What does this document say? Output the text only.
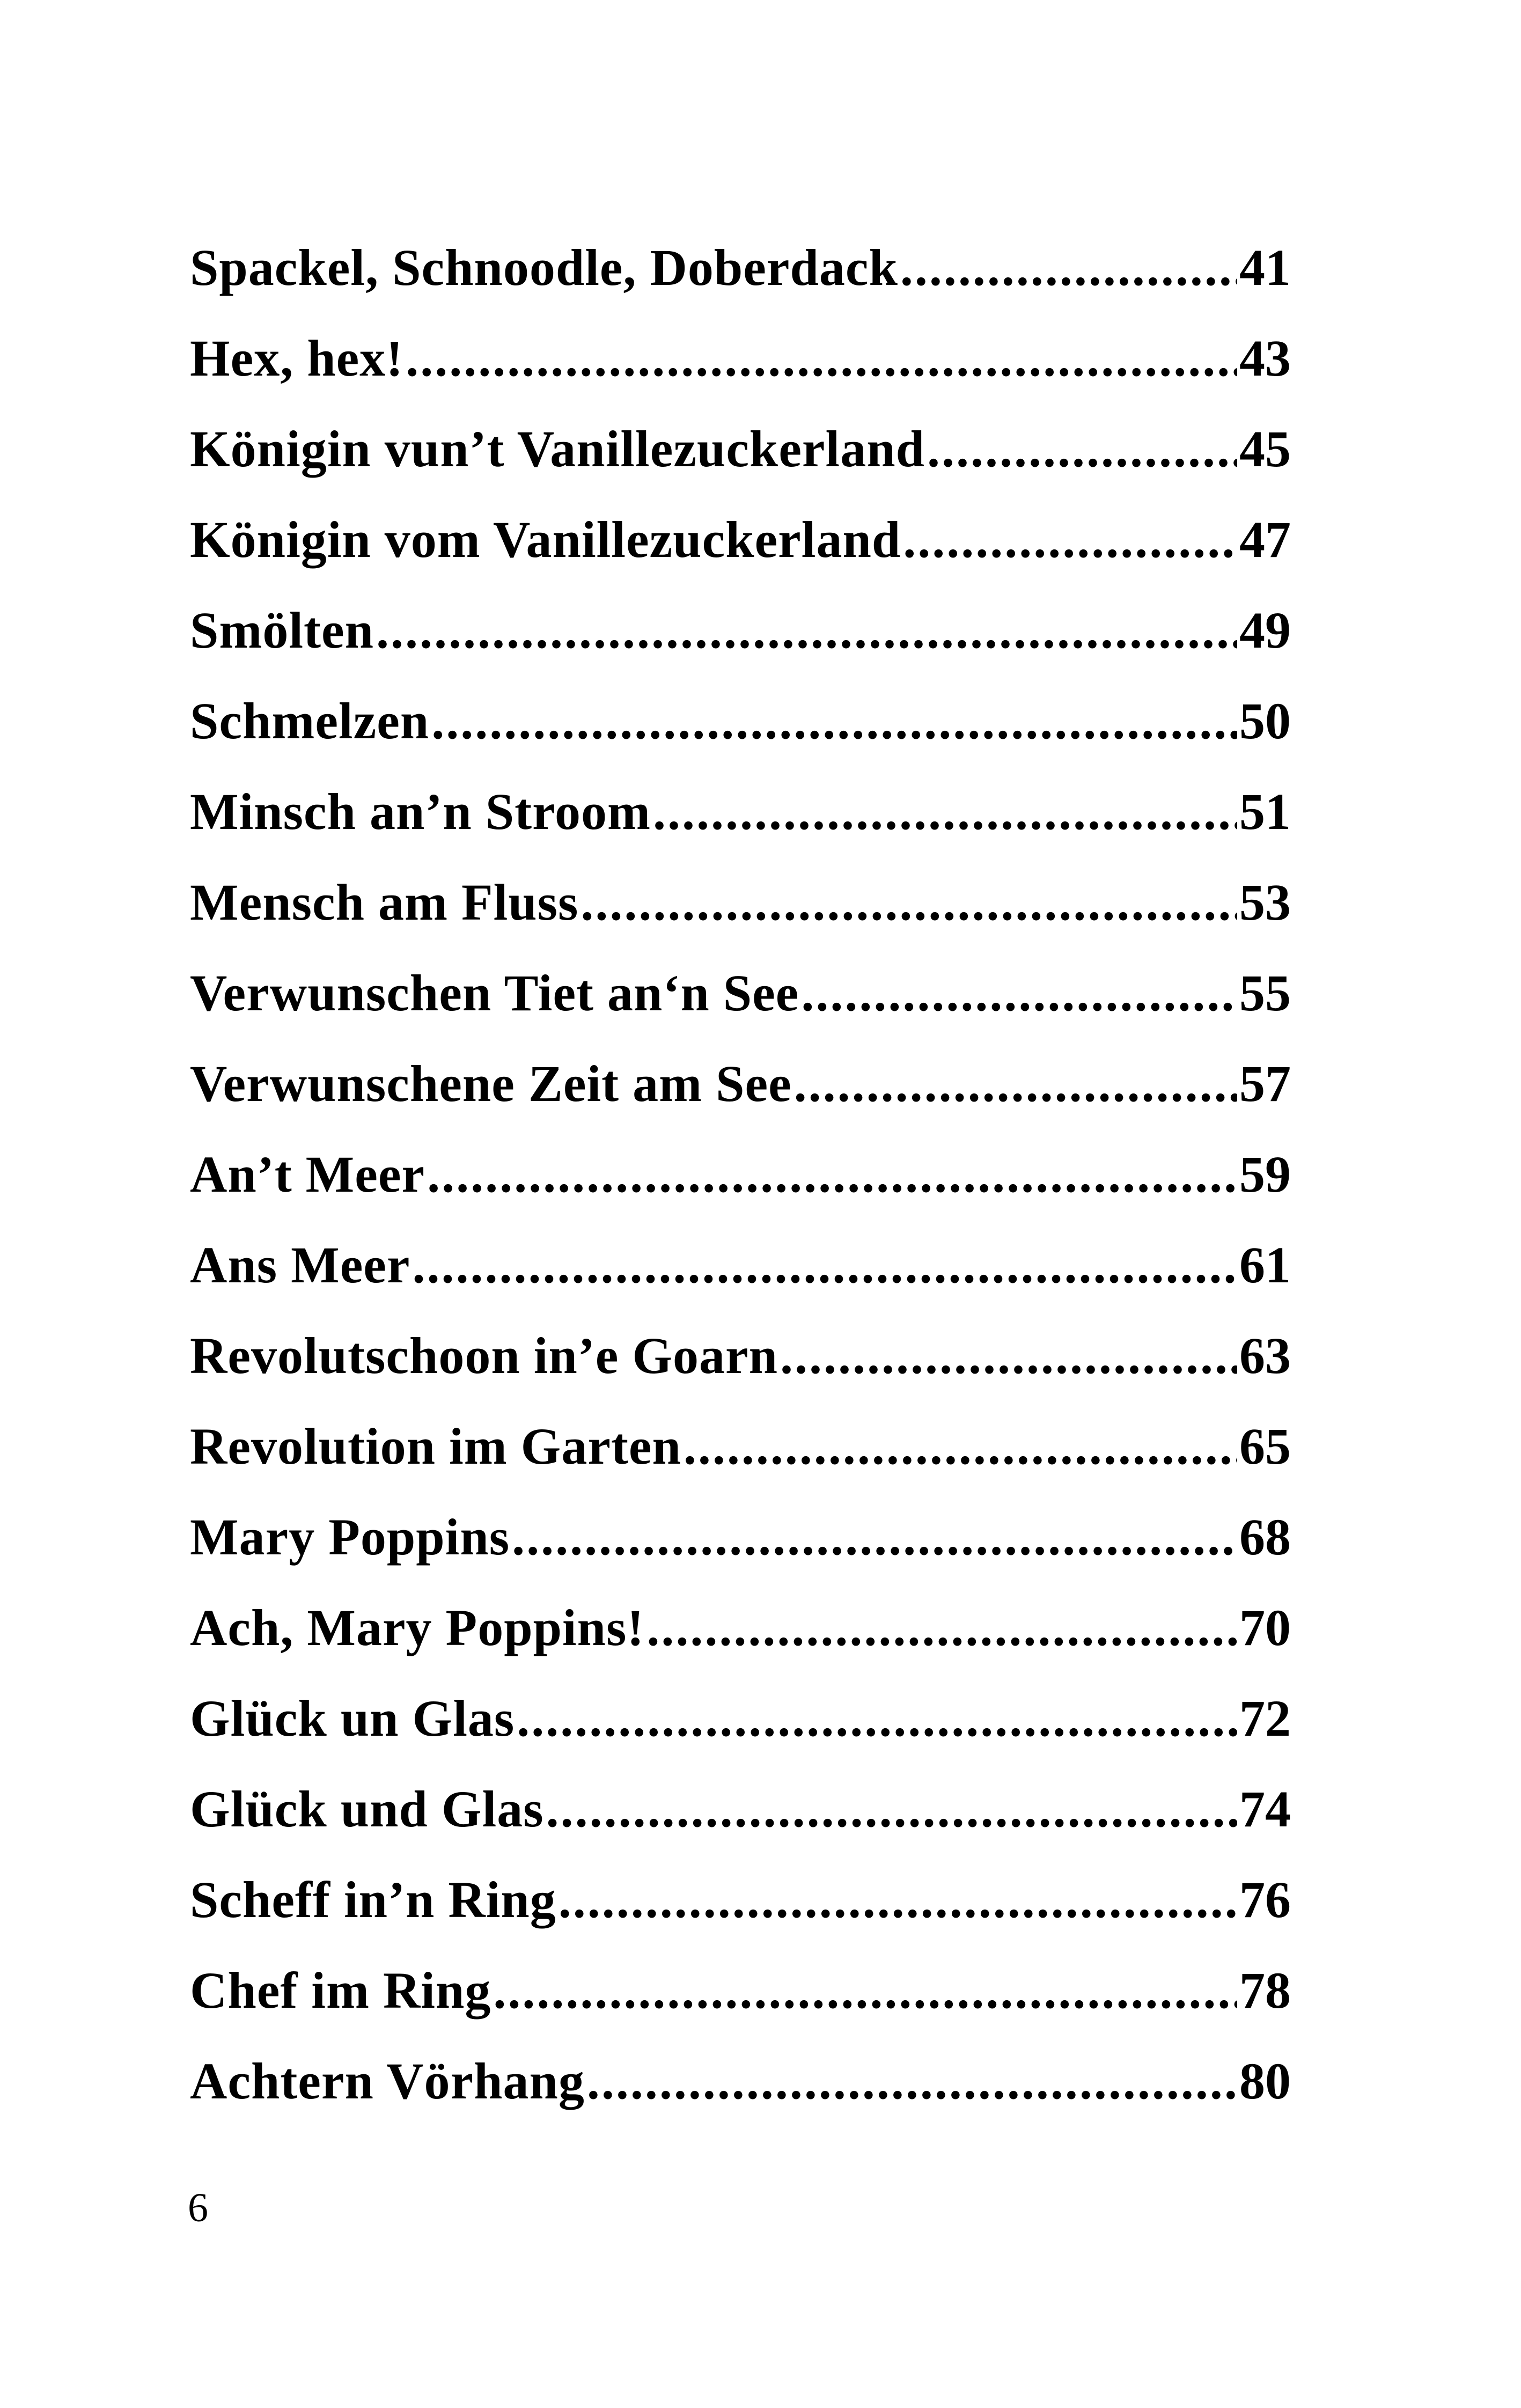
Spackel, Schnoodle, Doberdack .....	41
Hex, hex! .....	43
Königin vun’t Vanillezuckerland .....	45
Königin vom Vanillezuckerland .....	47
Smölten .....	49
Schmelzen .....	50
Minsch an’n Stroom .....	51
Mensch am Fluss .....	53
Verwunschen Tiet an‘n See .....	55
Verwunschene Zeit am See .....	57
An’t Meer .....	59
Ans Meer .....	61
Revolutschoon in’e Goarn .....	63
Revolution im Garten .....	65
Mary Poppins .....	68
Ach, Mary Poppins! .....	70
Glück un Glas .....	72
Glück und Glas .....	74
Scheff in’n Ring .....	76
Chef im Ring .....	78
Achtern Vörhang .....	80
6
